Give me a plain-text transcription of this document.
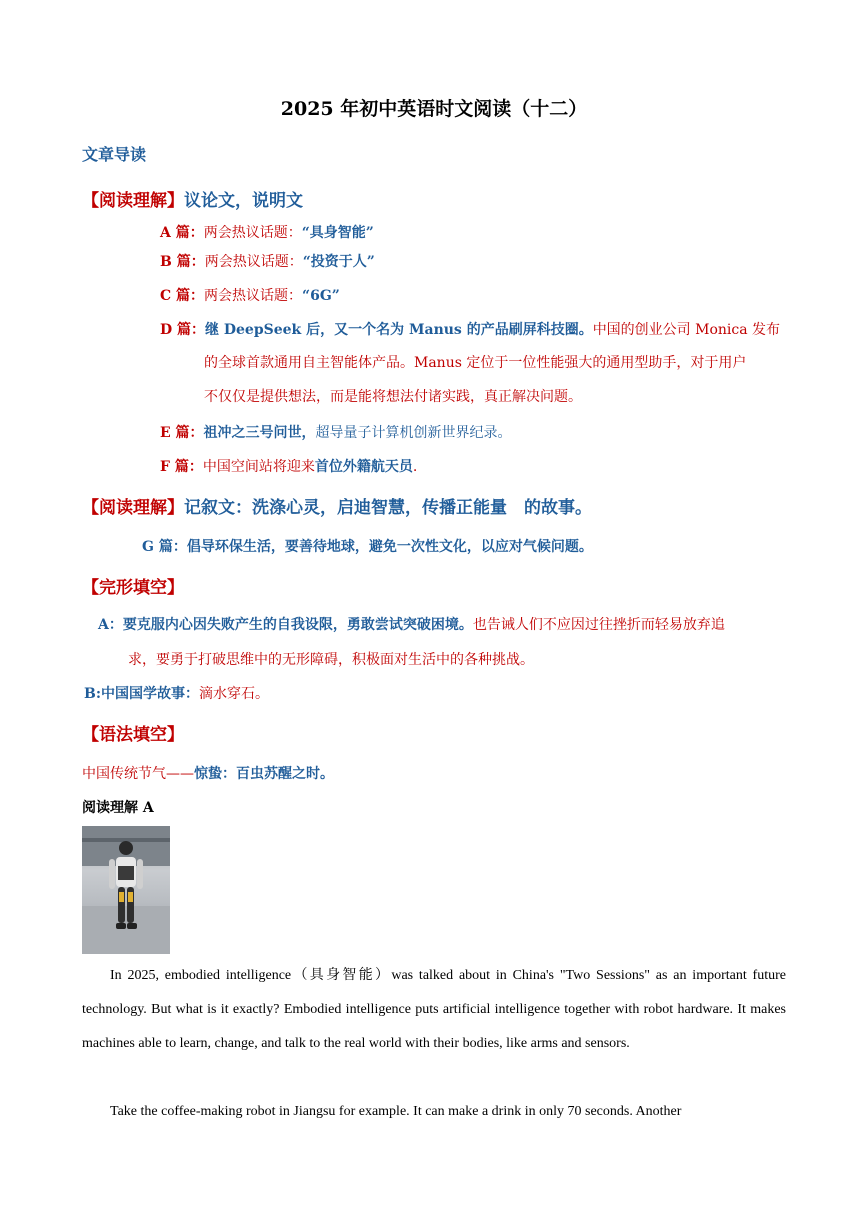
2025 年初中英语时文阅读（十二）
文章导读
【阅读理解】议论文，说明文
A 篇：两会热议话题：“具身智能”
B 篇：两会热议话题：“投资于人”
C 篇：两会热议话题：“6G”
D 篇：继 DeepSeek 后，又一个名为 Manus 的产品刷屏科技圈。中国的创业公司 Monica 发布
的全球首款通用自主智能体产品。Manus 定位于一位性能强大的通用型助手，对于用户
不仅仅是提供想法，而是能将想法付诸实践，真正解决问题。
E 篇：祖冲之三号问世，超导量子计算机创新世界纪录。
F 篇：中国空间站将迎来首位外籍航天员.
【阅读理解】记叙文：洗涤心灵，启迪智慧，传播正能量　的故事。
G 篇：倡导环保生活，要善待地球，避免一次性文化，以应对气候问题。
【完形填空】
A：要克服内心因失败产生的自我设限，勇敢尝试突破困境。也告诫人们不应因过往挫折而轻易放弃追
求，要勇于打破思维中的无形障碍，积极面对生活中的各种挑战。
B:中国国学故事：滴水穿石。
【语法填空】
中国传统节气——惊蛰：百虫苏醒之时。
阅读理解 A

In 2025, embodied intelligence（具身智能）was talked about in China's "Two Sessions" as an important future technology. But what is it exactly? Embodied intelligence puts artificial intelligence together with robot hardware. It makes machines able to learn, change, and talk to the real world with their bodies, like arms and sensors.

Take the coffee-making robot in Jiangsu for example. It can make a drink in only 70 seconds. Another
